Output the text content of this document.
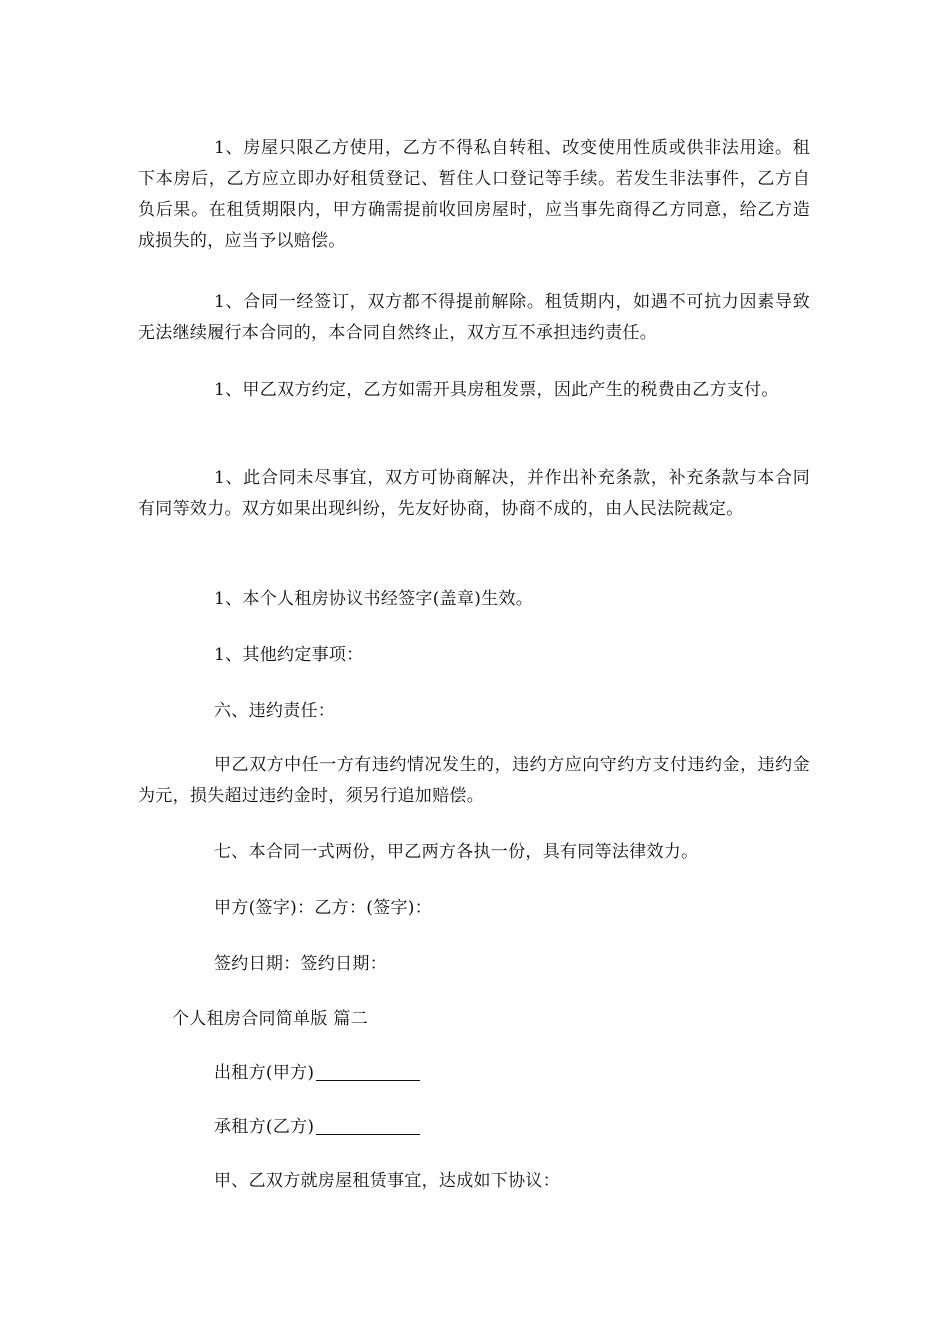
1、房屋只限乙方使用，乙方不得私自转租、改变使用性质或供非法用途。租下本房后，乙方应立即办好租赁登记、暂住人口登记等手续。若发生非法事件，乙方自负后果。在租赁期限内，甲方确需提前收回房屋时，应当事先商得乙方同意，给乙方造成损失的，应当予以赔偿。

1、合同一经签订，双方都不得提前解除。租赁期内，如遇不可抗力因素导致无法继续履行本合同的，本合同自然终止，双方互不承担违约责任。

1、甲乙双方约定，乙方如需开具房租发票，因此产生的税费由乙方支付。

1、此合同未尽事宜，双方可协商解决，并作出补充条款，补充条款与本合同有同等效力。双方如果出现纠纷，先友好协商，协商不成的，由人民法院裁定。

1、本个人租房协议书经签字(盖章)生效。

1、其他约定事项：

六、违约责任：

甲乙双方中任一方有违约情况发生的，违约方应向守约方支付违约金，违约金为元，损失超过违约金时，须另行追加赔偿。

七、本合同一式两份，甲乙两方各执一份，具有同等法律效力。

甲方(签字)：乙方：(签字)：

签约日期：签约日期：

个人租房合同简单版 篇二

出租方(甲方)

承租方(乙方)

甲、乙双方就房屋租赁事宜，达成如下协议：
